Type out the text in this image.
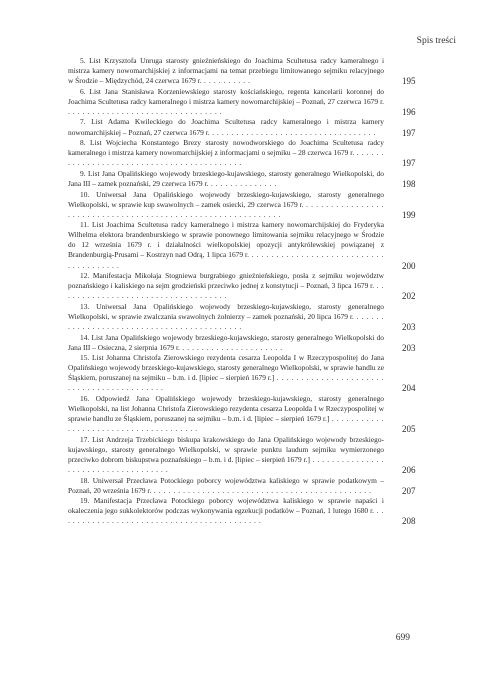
Spis treści

5. List Krzysztofa Unruga starosty gnieźnieńskiego do Joachima Scultetusa radcy kameralnego i mistrza kamery nowomarchijskiej z informacjami na temat przebiegu limitowanego sejmiku relacyjnego w Środzie – Międzychód, 24 czerwca 1679 r. . . . . . . . . . .	195

6. List Jana Stanisława Korzeniewskiego starosty kościańskiego, regenta kancelarii koronnej do Joachima Scultetusa radcy kameralnego i mistrza kamery nowomarchijskiej – Poznań, 27 czerwca 1679 r. . . . . . . . . . . . . . . . . . . . . . . . . . . . . . . . .	196

7. List Adama Kwileckiego do Joachima Scultetusa radcy kameralnego i mistrza kamery nowomarchijskiej – Poznań, 27 czerwca 1679 r. . . . . . . . . . . . . . . . . . . . . . . . . . . . . . . . . . .	197

8. List Wojciecha Konstantego Brezy starosty nowodworskiego do Joachima Scultetusa radcy kameralnego i mistrza kamery nowomarchijskiej z informacjami o sejmiku – 28 czerwca 1679 r. . . . . . . . . . . . . . . . . . . . . . . . . . . . . . . . . . . . . . . . . . .	197

9. List Jana Opalińskiego wojewody brzeskiego-kujawskiego, starosty generalnego Wielkopolski, do Jana III – zamek poznański, 29 czerwca 1679 r. . . . . . . . . . . . . . .	198

10. Uniwersał Jana Opalińskiego wojewody brzeskiego-kujawskiego, starosty generalnego Wielkopolski, w sprawie kup swawolnych – zamek osiecki, 29 czerwca 1679 r. . . . . . . . . . . . . . . . . . . . . . . . . . . . . . . . . . . . . . . . . . . . . . . . . . . . . . . . . . . . .	199

11. List Joachima Scultetusa radcy kameralnego i mistrza kamery nowomarchijskiej do Fryderyka Wilhelma elektora brandenburskiego w sprawie ponownego limitowania sejmiku relacyjnego w Środzie do 12 września 1679 r. i działalności wielkopolskiej opozycji antykrólewskiej powiązanej z Brandenburgią-Prusami – Kostrzyn nad Odrą, 1 lipca 1679 r. . . . . . . . . . . . . . . . . . . . . . . . . . . . . . . . . . . . . . .	200

12. Manifestacja Mikołaja Stogniewa burgrabiego gnieźnieńskiego, posła z sejmiku województw poznańskiego i kaliskiego na sejm grodzieński przeciwko jednej z konstytucji – Poznań, 3 lipca 1679 r. . . . . . . . . . . . . . . . . . . . . . . . . . . . . . . . . . . .	202

13. Uniwersał Jana Opalińskiego wojewody brzeskiego-kujawskiego, starosty generalnego Wielkopolski, w sprawie zwalczania swawolnych żołnierzy – zamek poznański, 20 lipca 1679 r. . . . . . . . . . . . . . . . . . . . . . . . . . . . . . . . . . . . . . . . . . .	203

14. List Jana Opalińskiego wojewody brzeskiego-kujawskiego, starosty generalnego Wielkopolski do Jana III – Osieczna, 2 sierpnia 1679 r. . . . . . . . . . . . . . . . . . . . . .	203

15. List Johanna Christofa Zierowskiego rezydenta cesarza Leopolda I w Rzeczypospolitej do Jana Opalińskiego wojewody brzeskiego-kujawskiego, starosty generalnego Wielkopolski, w sprawie handlu ze Śląskiem, poruszanej na sejmiku – b.m. i d. [lipiec – sierpień 1679 r.] . . . . . . . . . . . . . . . . . . . . . . . . . . . . . . . . . . . . . . . . . .	204

16. Odpowiedź Jana Opalińskiego wojewody brzeskiego-kujawskiego, starosty generalnego Wielkopolski, na list Johanna Christofa Zierowskiego rezydenta cesarza Leopolda I w Rzeczypospolitej w sprawie handlu ze Śląskiem, poruszanej na sejmiku – b.m. i d. [lipiec – sierpień 1679 r.] . . . . . . . . . . . . . . . . . . . . . . . . . . . . . . . . . . . . . .	205

17. List Andrzeja Trzebickiego biskupa krakowskiego do Jana Opalińskiego wojewody brzeskiego-kujawskiego, starosty generalnego Wielkopolski, w sprawie punktu laudum sejmiku wymierzonego przeciwko dobrom biskupstwa poznańskiego – b.m. i d. [lipiec – sierpień 1679 r.] . . . . . . . . . . . . . . . . . . . . . . . . . . . . . . . . . . . .	206

18. Uniwersał Przecława Potockiego poborcy województwa kaliskiego w sprawie podatkowym – Poznań, 20 września 1679 r. . . . . . . . . . . . . . . . . . . . . . . . . . . . . . . . . . . . . . . . . . . . . .	207

19. Manifestacja Przecława Potockiego poborcy województwa kaliskiego w sprawie napaści i okaleczenia jego sukkolektorów podczas wykonywania egzekucji podatków – Poznań, 1 lutego 1680 r. . . . . . . . . . . . . . . . . . . . . . . . . . . . . . . . . . . . . . . . . . .	208

699
